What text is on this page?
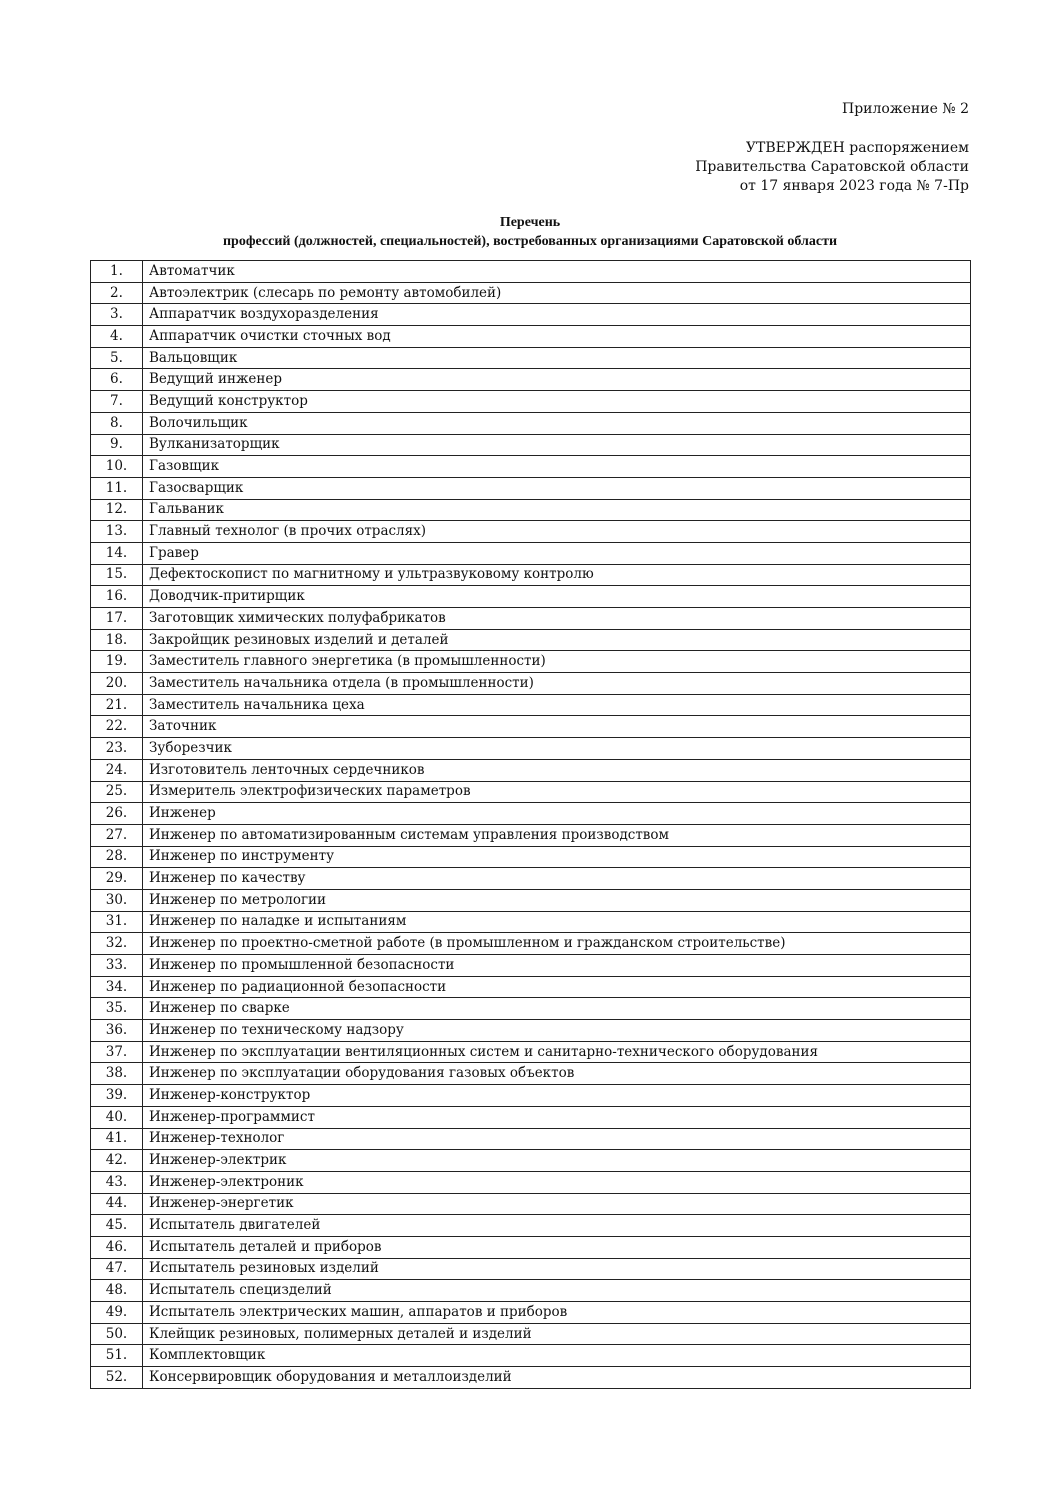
Приложение № 2

УТВЕРЖДЕН распоряжением

Правительства Саратовской области

от 17 января 2023 года № 7-Пр

Перечень

профессий (должностей, специальностей), востребованных организациями Саратовской области

1.	Автоматчик
2.	Автоэлектрик (слесарь по ремонту автомобилей)
3.	Аппаратчик воздухоразделения
4.	Аппаратчик очистки сточных вод
5.	Вальцовщик
6.	Ведущий инженер
7.	Ведущий конструктор
8.	Волочильщик
9.	Вулканизаторщик
10.	Газовщик
11.	Газосварщик
12.	Гальваник
13.	Главный технолог (в прочих отраслях)
14.	Гравер
15.	Дефектоскопист по магнитному и ультразвуковому контролю
16.	Доводчик-притирщик
17.	Заготовщик химических полуфабрикатов
18.	Закройщик резиновых изделий и деталей
19.	Заместитель главного энергетика (в промышленности)
20.	Заместитель начальника отдела (в промышленности)
21.	Заместитель начальника цеха
22.	Заточник
23.	Зуборезчик
24.	Изготовитель ленточных сердечников
25.	Измеритель электрофизических параметров
26.	Инженер
27.	Инженер по автоматизированным системам управления производством
28.	Инженер по инструменту
29.	Инженер по качеству
30.	Инженер по метрологии
31.	Инженер по наладке и испытаниям
32.	Инженер по проектно-сметной работе (в промышленном и гражданском строительстве)
33.	Инженер по промышленной безопасности
34.	Инженер по радиационной безопасности
35.	Инженер по сварке
36.	Инженер по техническому надзору
37.	Инженер по эксплуатации вентиляционных систем и санитарно-технического оборудования
38.	Инженер по эксплуатации оборудования газовых объектов
39.	Инженер-конструктор
40.	Инженер-программист
41.	Инженер-технолог
42.	Инженер-электрик
43.	Инженер-электроник
44.	Инженер-энергетик
45.	Испытатель двигателей
46.	Испытатель деталей и приборов
47.	Испытатель резиновых изделий
48.	Испытатель специзделий
49.	Испытатель электрических машин, аппаратов и приборов
50.	Клейщик резиновых, полимерных деталей и изделий
51.	Комплектовщик
52.	Консервировщик оборудования и металлоизделий
